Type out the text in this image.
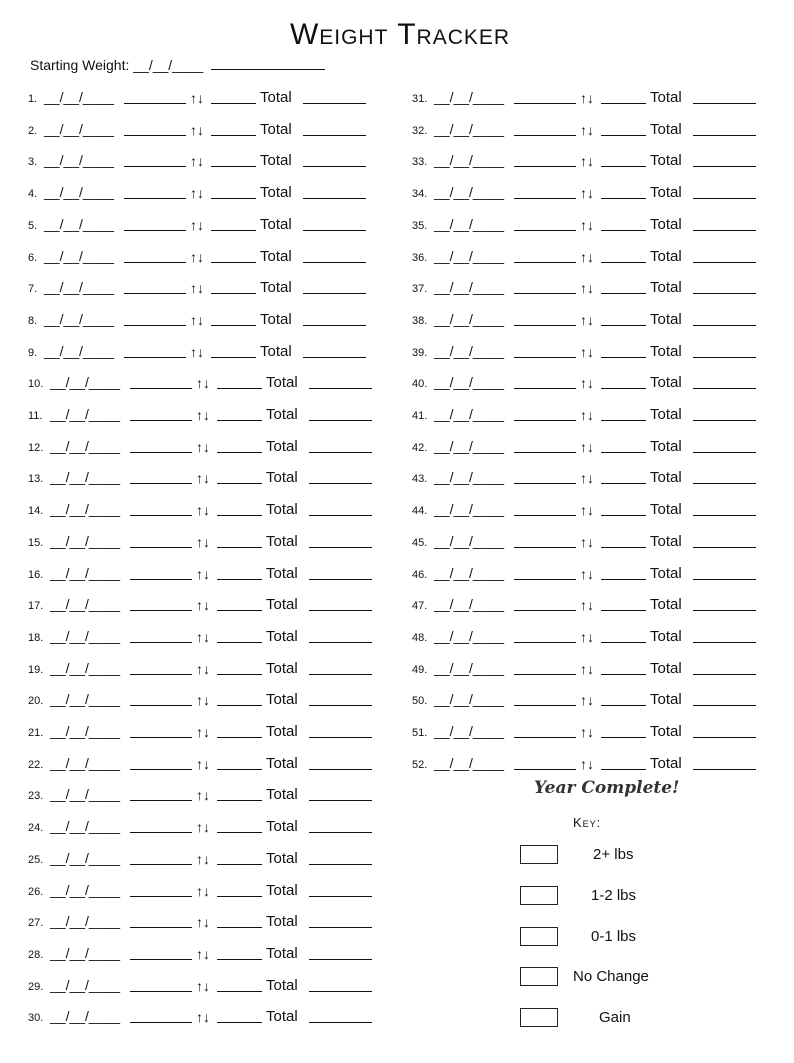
Weight Tracker
Starting Weight: __/__/____
1. __/__/____	↑↓	Total
2. __/__/____	↑↓	Total
3. __/__/____	↑↓	Total
4. __/__/____	↑↓	Total
5. __/__/____	↑↓	Total
6. __/__/____	↑↓	Total
7. __/__/____	↑↓	Total
8. __/__/____	↑↓	Total
9. __/__/____	↑↓	Total
10. __/__/____	↑↓	Total
11. __/__/____	↑↓	Total
12. __/__/____	↑↓	Total
13. __/__/____	↑↓	Total
14. __/__/____	↑↓	Total
15. __/__/____	↑↓	Total
16. __/__/____	↑↓	Total
17. __/__/____	↑↓	Total
18. __/__/____	↑↓	Total
19. __/__/____	↑↓	Total
20. __/__/____	↑↓	Total
21. __/__/____	↑↓	Total
22. __/__/____	↑↓	Total
23. __/__/____	↑↓	Total
24. __/__/____	↑↓	Total
25. __/__/____	↑↓	Total
26. __/__/____	↑↓	Total
27. __/__/____	↑↓	Total
28. __/__/____	↑↓	Total
29. __/__/____	↑↓	Total
30. __/__/____	↑↓	Total
31. __/__/____	↑↓	Total
32. __/__/____	↑↓	Total
33. __/__/____	↑↓	Total
34. __/__/____	↑↓	Total
35. __/__/____	↑↓	Total
36. __/__/____	↑↓	Total
37. __/__/____	↑↓	Total
38. __/__/____	↑↓	Total
39. __/__/____	↑↓	Total
40. __/__/____	↑↓	Total
41. __/__/____	↑↓	Total
42. __/__/____	↑↓	Total
43. __/__/____	↑↓	Total
44. __/__/____	↑↓	Total
45. __/__/____	↑↓	Total
46. __/__/____	↑↓	Total
47. __/__/____	↑↓	Total
48. __/__/____	↑↓	Total
49. __/__/____	↑↓	Total
50. __/__/____	↑↓	Total
51. __/__/____	↑↓	Total
52. __/__/____	↑↓	Total
Year Complete!
Key:
2+ lbs
1-2 lbs
0-1 lbs
No Change
Gain
